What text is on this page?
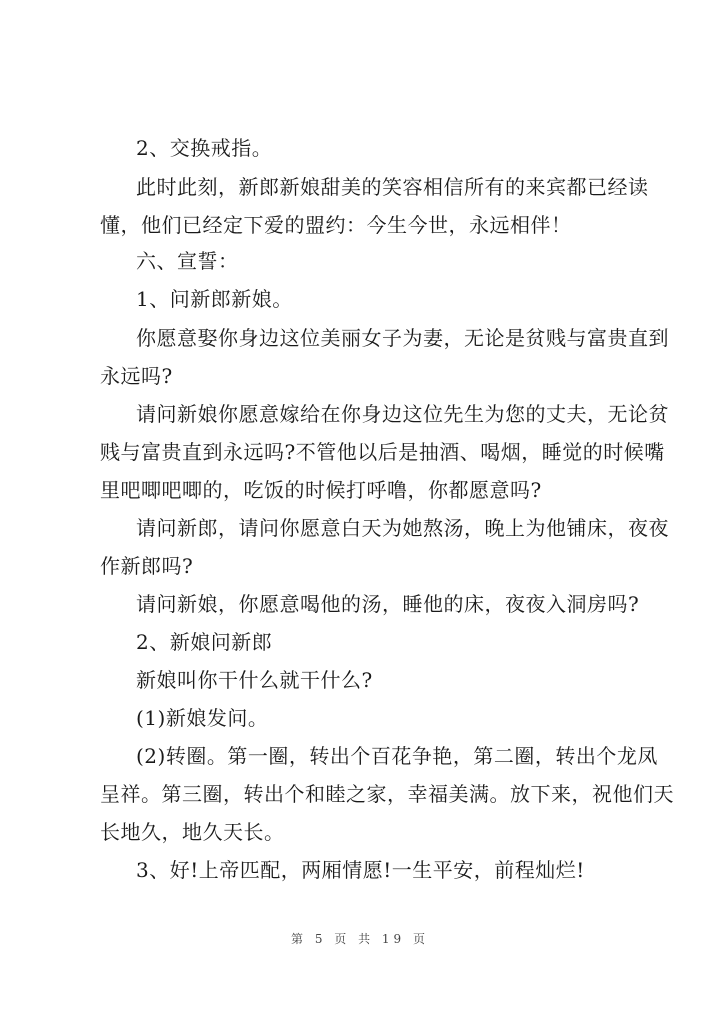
2、交换戒指。
此时此刻，新郎新娘甜美的笑容相信所有的来宾都已经读
懂，他们已经定下爱的盟约：今生今世，永远相伴！
六、宣誓：
1、问新郎新娘。
你愿意娶你身边这位美丽女子为妻，无论是贫贱与富贵直到
永远吗?
请问新娘你愿意嫁给在你身边这位先生为您的丈夫，无论贫
贱与富贵直到永远吗?不管他以后是抽酒、喝烟，睡觉的时候嘴
里吧唧吧唧的，吃饭的时候打呼噜，你都愿意吗?
请问新郎，请问你愿意白天为她熬汤，晚上为他铺床，夜夜
作新郎吗?
请问新娘，你愿意喝他的汤，睡他的床，夜夜入洞房吗?
2、新娘问新郎
新娘叫你干什么就干什么?
(1)新娘发问。
(2)转圈。第一圈，转出个百花争艳，第二圈，转出个龙凤
呈祥。第三圈，转出个和睦之家，幸福美满。放下来，祝他们天
长地久，地久天长。
3、好!上帝匹配，两厢情愿!一生平安，前程灿烂!
第 5 页 共 19 页
